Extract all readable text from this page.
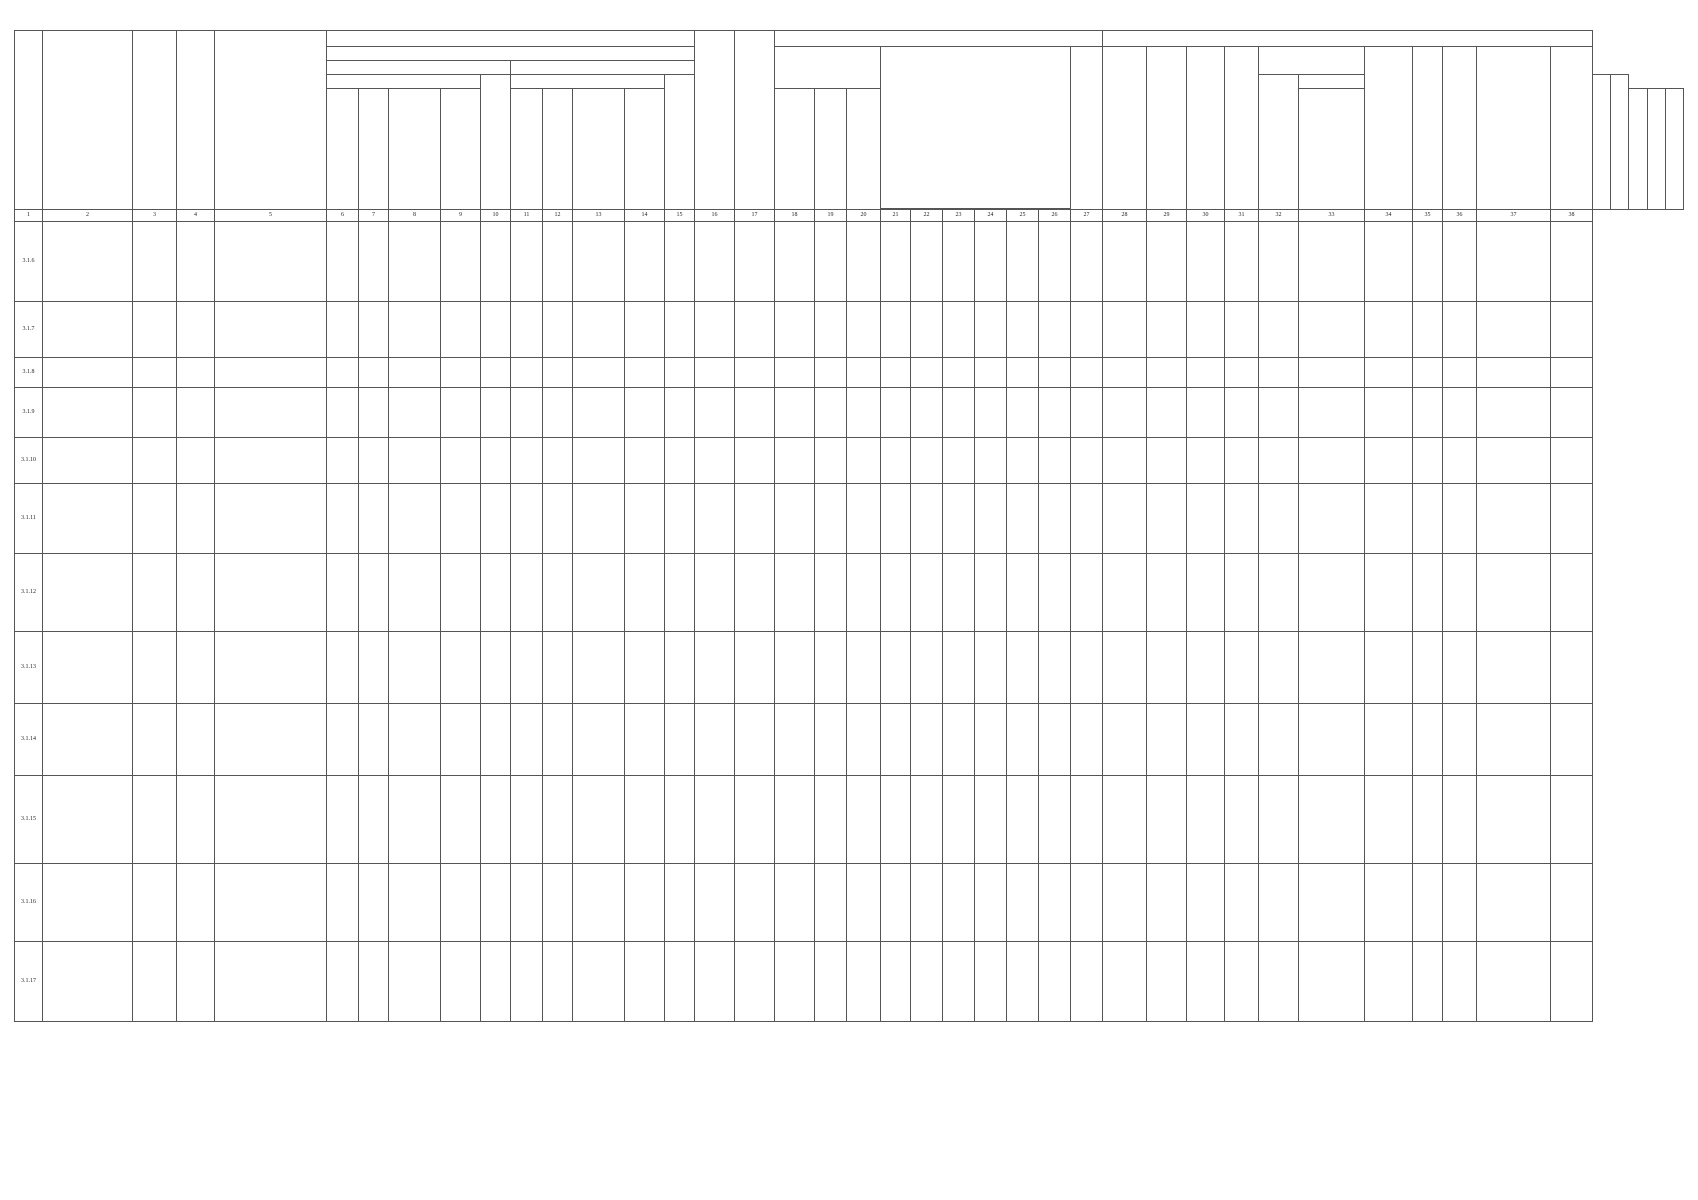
1	2	3	4	5	6	7	8	9	10	11	12	13	14	15	16	17	18	19	20	21	22	23	24	25	26	27	28	29	30	31	32	33	34	35	36	37	38					
3.1.6																																										
3.1.7																																										
3.1.8																																										
3.1.9																																										
3.1.10																																										
3.1.11																																										
3.1.12																																										
3.1.13																																										
3.1.14																																										
3.1.15																																										
3.1.16																																										
3.1.17																																										
